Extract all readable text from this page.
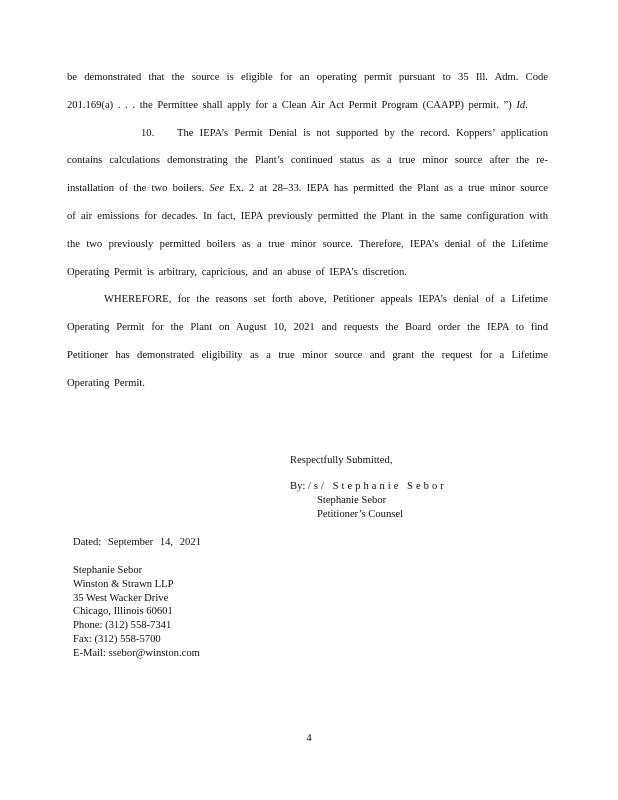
be demonstrated that the source is eligible for an operating permit pursuant to 35 Ill. Adm. Code 201.169(a) . . . the Permittee shall apply for a Clean Air Act Permit Program (CAAPP) permit. ”) Id.

10. The IEPA’s Permit Denial is not supported by the record. Koppers’ application contains calculations demonstrating the Plant’s continued status as a true minor source after the re-installation of the two boilers. See Ex. 2 at 28–33. IEPA has permitted the Plant as a true minor source of air emissions for decades. In fact, IEPA previously permitted the Plant in the same configuration with the two previously permitted boilers as a true minor source. Therefore, IEPA’s denial of the Lifetime Operating Permit is arbitrary, capricious, and an abuse of IEPA’s discretion.

WHEREFORE, for the reasons set forth above, Petitioner appeals IEPA’s denial of a Lifetime Operating Permit for the Plant on August 10, 2021 and requests the Board order the IEPA to find Petitioner has demonstrated eligibility as a true minor source and grant the request for a Lifetime Operating Permit.

Respectfully Submitted,
By: /s/ Stephanie Sebor
Stephanie Sebor
Petitioner’s Counsel
Dated: September 14, 2021
Stephanie Sebor
Winston & Strawn LLP
35 West Wacker Drive
Chicago, Illinois 60601
Phone: (312) 558-7341
Fax: (312) 558-5700
E-Mail: ssebor@winston.com
4
